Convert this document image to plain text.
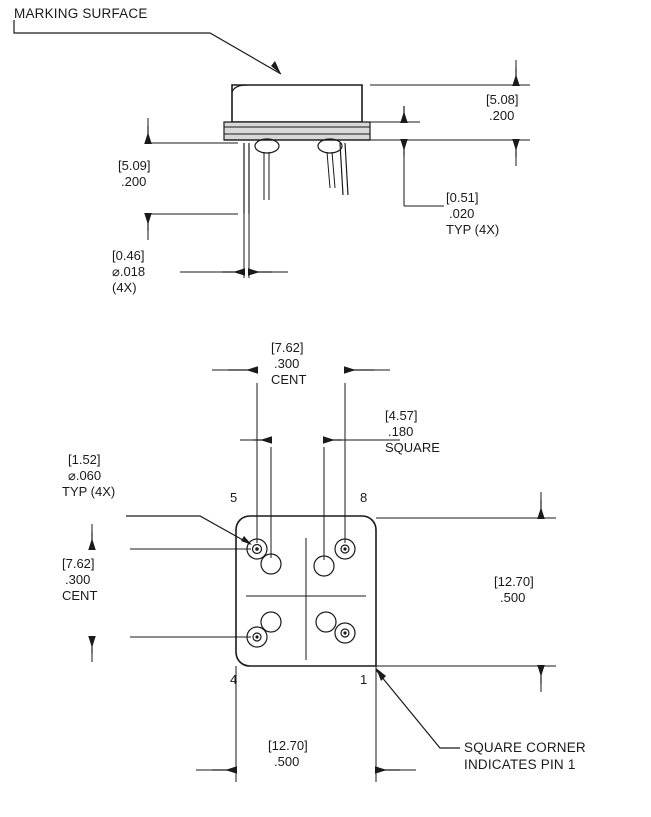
MARKING SURFACE
[5.08]
.200
[5.09]
.200
[0.51]
.020
TYP (4X)
[0.46]
⌀.018
(4X)
[7.62]
.300
CENT
[4.57]
.180
SQUARE
[1.52]
⌀.060
TYP (4X)
[7.62]
.300
CENT
[12.70]
.500
[12.70]
.500
5	8
4	1
SQUARE CORNER
INDICATES PIN 1
